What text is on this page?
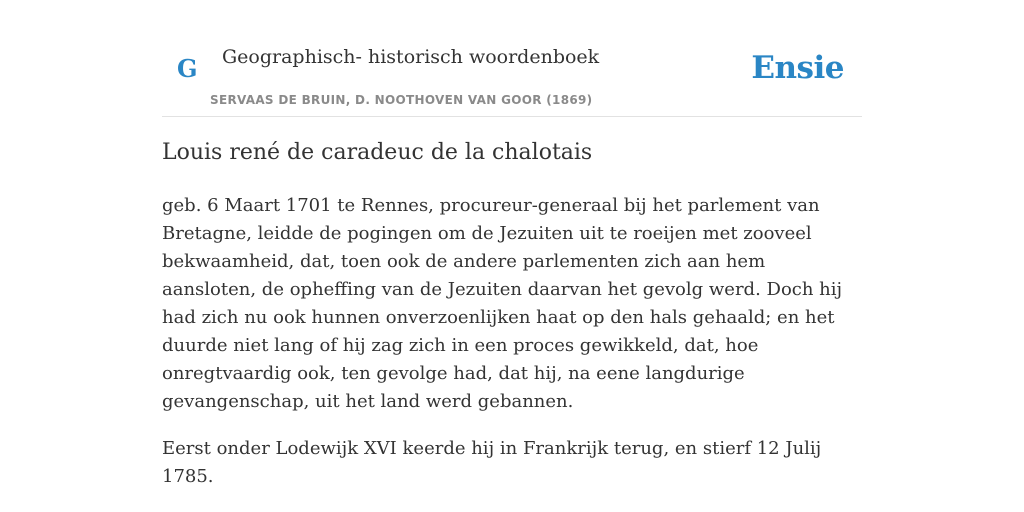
G Geographisch- historisch woordenboek
SERVAAS DE BRUIN, D. NOOTHOVEN VAN GOOR (1869)
Ensie
Louis rené de caradeuc de la chalotais

geb. 6 Maart 1701 te Rennes, procureur-generaal bij het parlement van Bretagne, leidde de pogingen om de Jezuiten uit te roeijen met zooveel bekwaamheid, dat, toen ook de andere parlementen zich aan hem aansloten, de opheffing van de Jezuiten daarvan het gevolg werd. Doch hij had zich nu ook hunnen onverzoenlijken haat op den hals gehaald; en het duurde niet lang of hij zag zich in een proces gewikkeld, dat, hoe onregtvaardig ook, ten gevolge had, dat hij, na eene langdurige gevangenschap, uit het land werd gebannen.

Eerst onder Lodewijk XVI keerde hij in Frankrijk terug, en stierf 12 Julij 1785.
